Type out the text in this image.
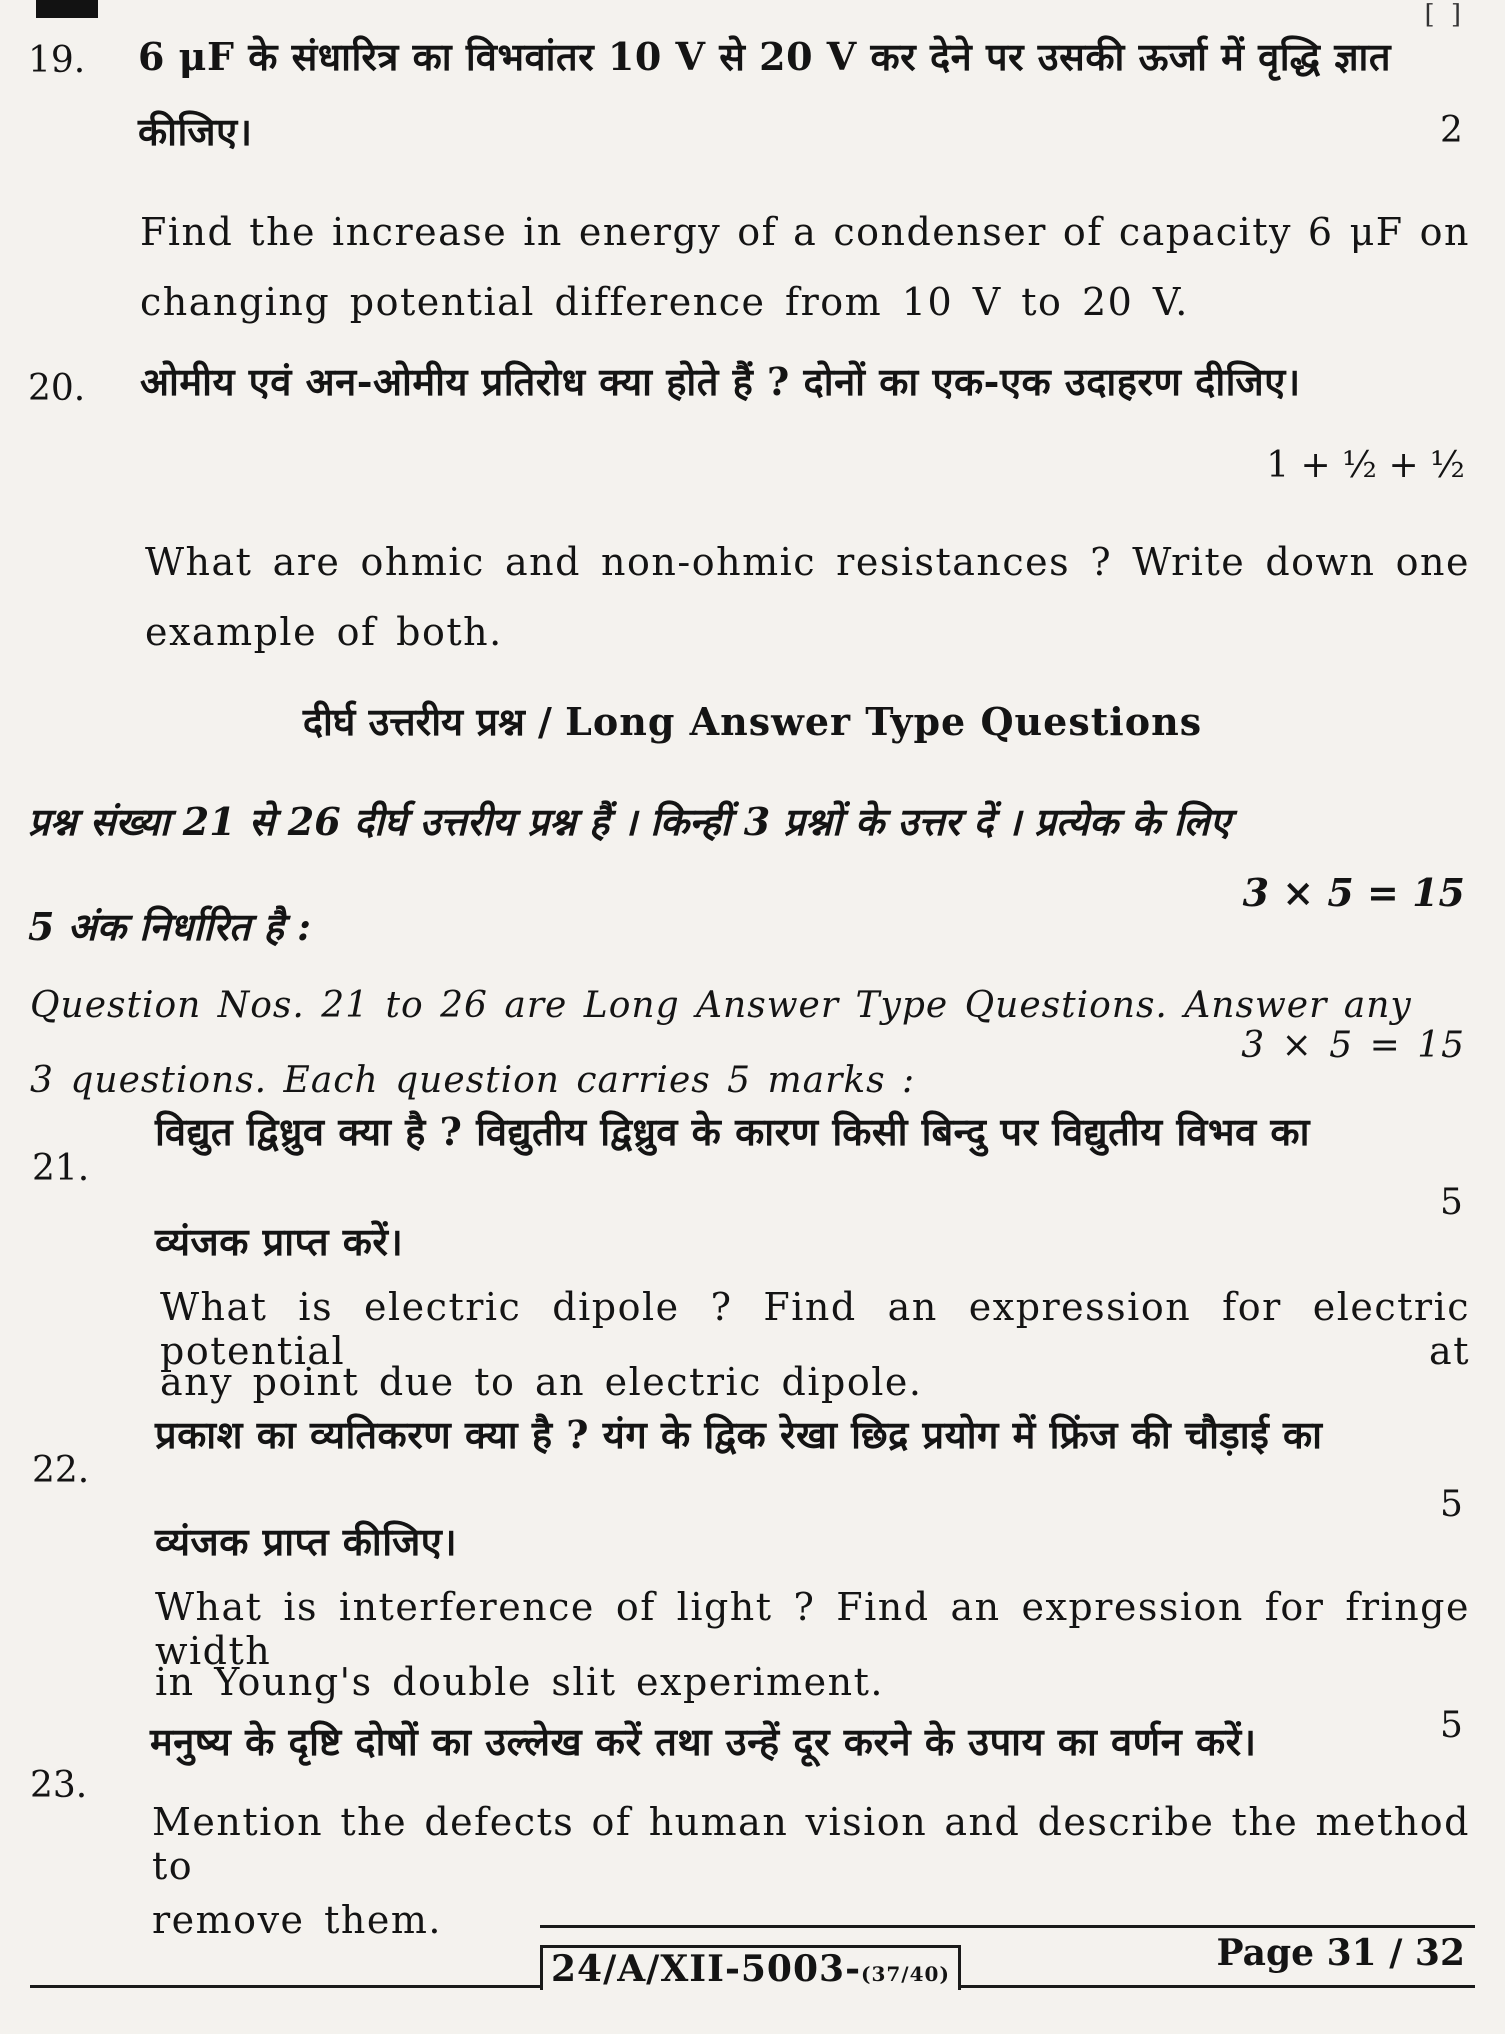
[ ]
19. 6 μF के संधारित्र का विभवांतर 10 V से 20 V कर देने पर उसकी ऊर्जा में वृद्धि ज्ञात
कीजिए।	2
Find the increase in energy of a condenser of capacity 6 μF on
changing potential difference from 10 V to 20 V.
20. ओमीय एवं अन-ओमीय प्रतिरोध क्या होते हैं ? दोनों का एक-एक उदाहरण दीजिए।
1 + ½ + ½
What are ohmic and non-ohmic resistances ? Write down one
example of both.
दीर्घ उत्तरीय प्रश्न / Long Answer Type Questions
प्रश्न संख्या 21 से 26 दीर्घ उत्तरीय प्रश्न हैं । किन्हीं 3 प्रश्नों के उत्तर दें । प्रत्येक के लिए
5 अंक निर्धारित है :
3 × 5 = 15
Question Nos. 21 to 26 are Long Answer Type Questions. Answer any
3 questions. Each question carries 5 marks :
3 × 5 = 15
21.
विद्युत द्विध्रुव क्या है ? विद्युतीय द्विध्रुव के कारण किसी बिन्दु पर विद्युतीय विभव का
5
व्यंजक प्राप्त करें।
What is electric dipole ? Find an expression for electric potential at
any point due to an electric dipole.
22.
प्रकाश का व्यतिकरण क्या है ? यंग के द्विक रेखा छिद्र प्रयोग में फ्रिंज की चौड़ाई का
5
व्यंजक प्राप्त कीजिए।
What is interference of light ? Find an expression for fringe width
in Young's double slit experiment.
मनुष्य के दृष्टि दोषों का उल्लेख करें तथा उन्हें दूर करने के उपाय का वर्णन करें।	5
23.
Mention the defects of human vision and describe the method to
remove them.
24/A/XII-5003-(37/40)	Page 31 / 32
